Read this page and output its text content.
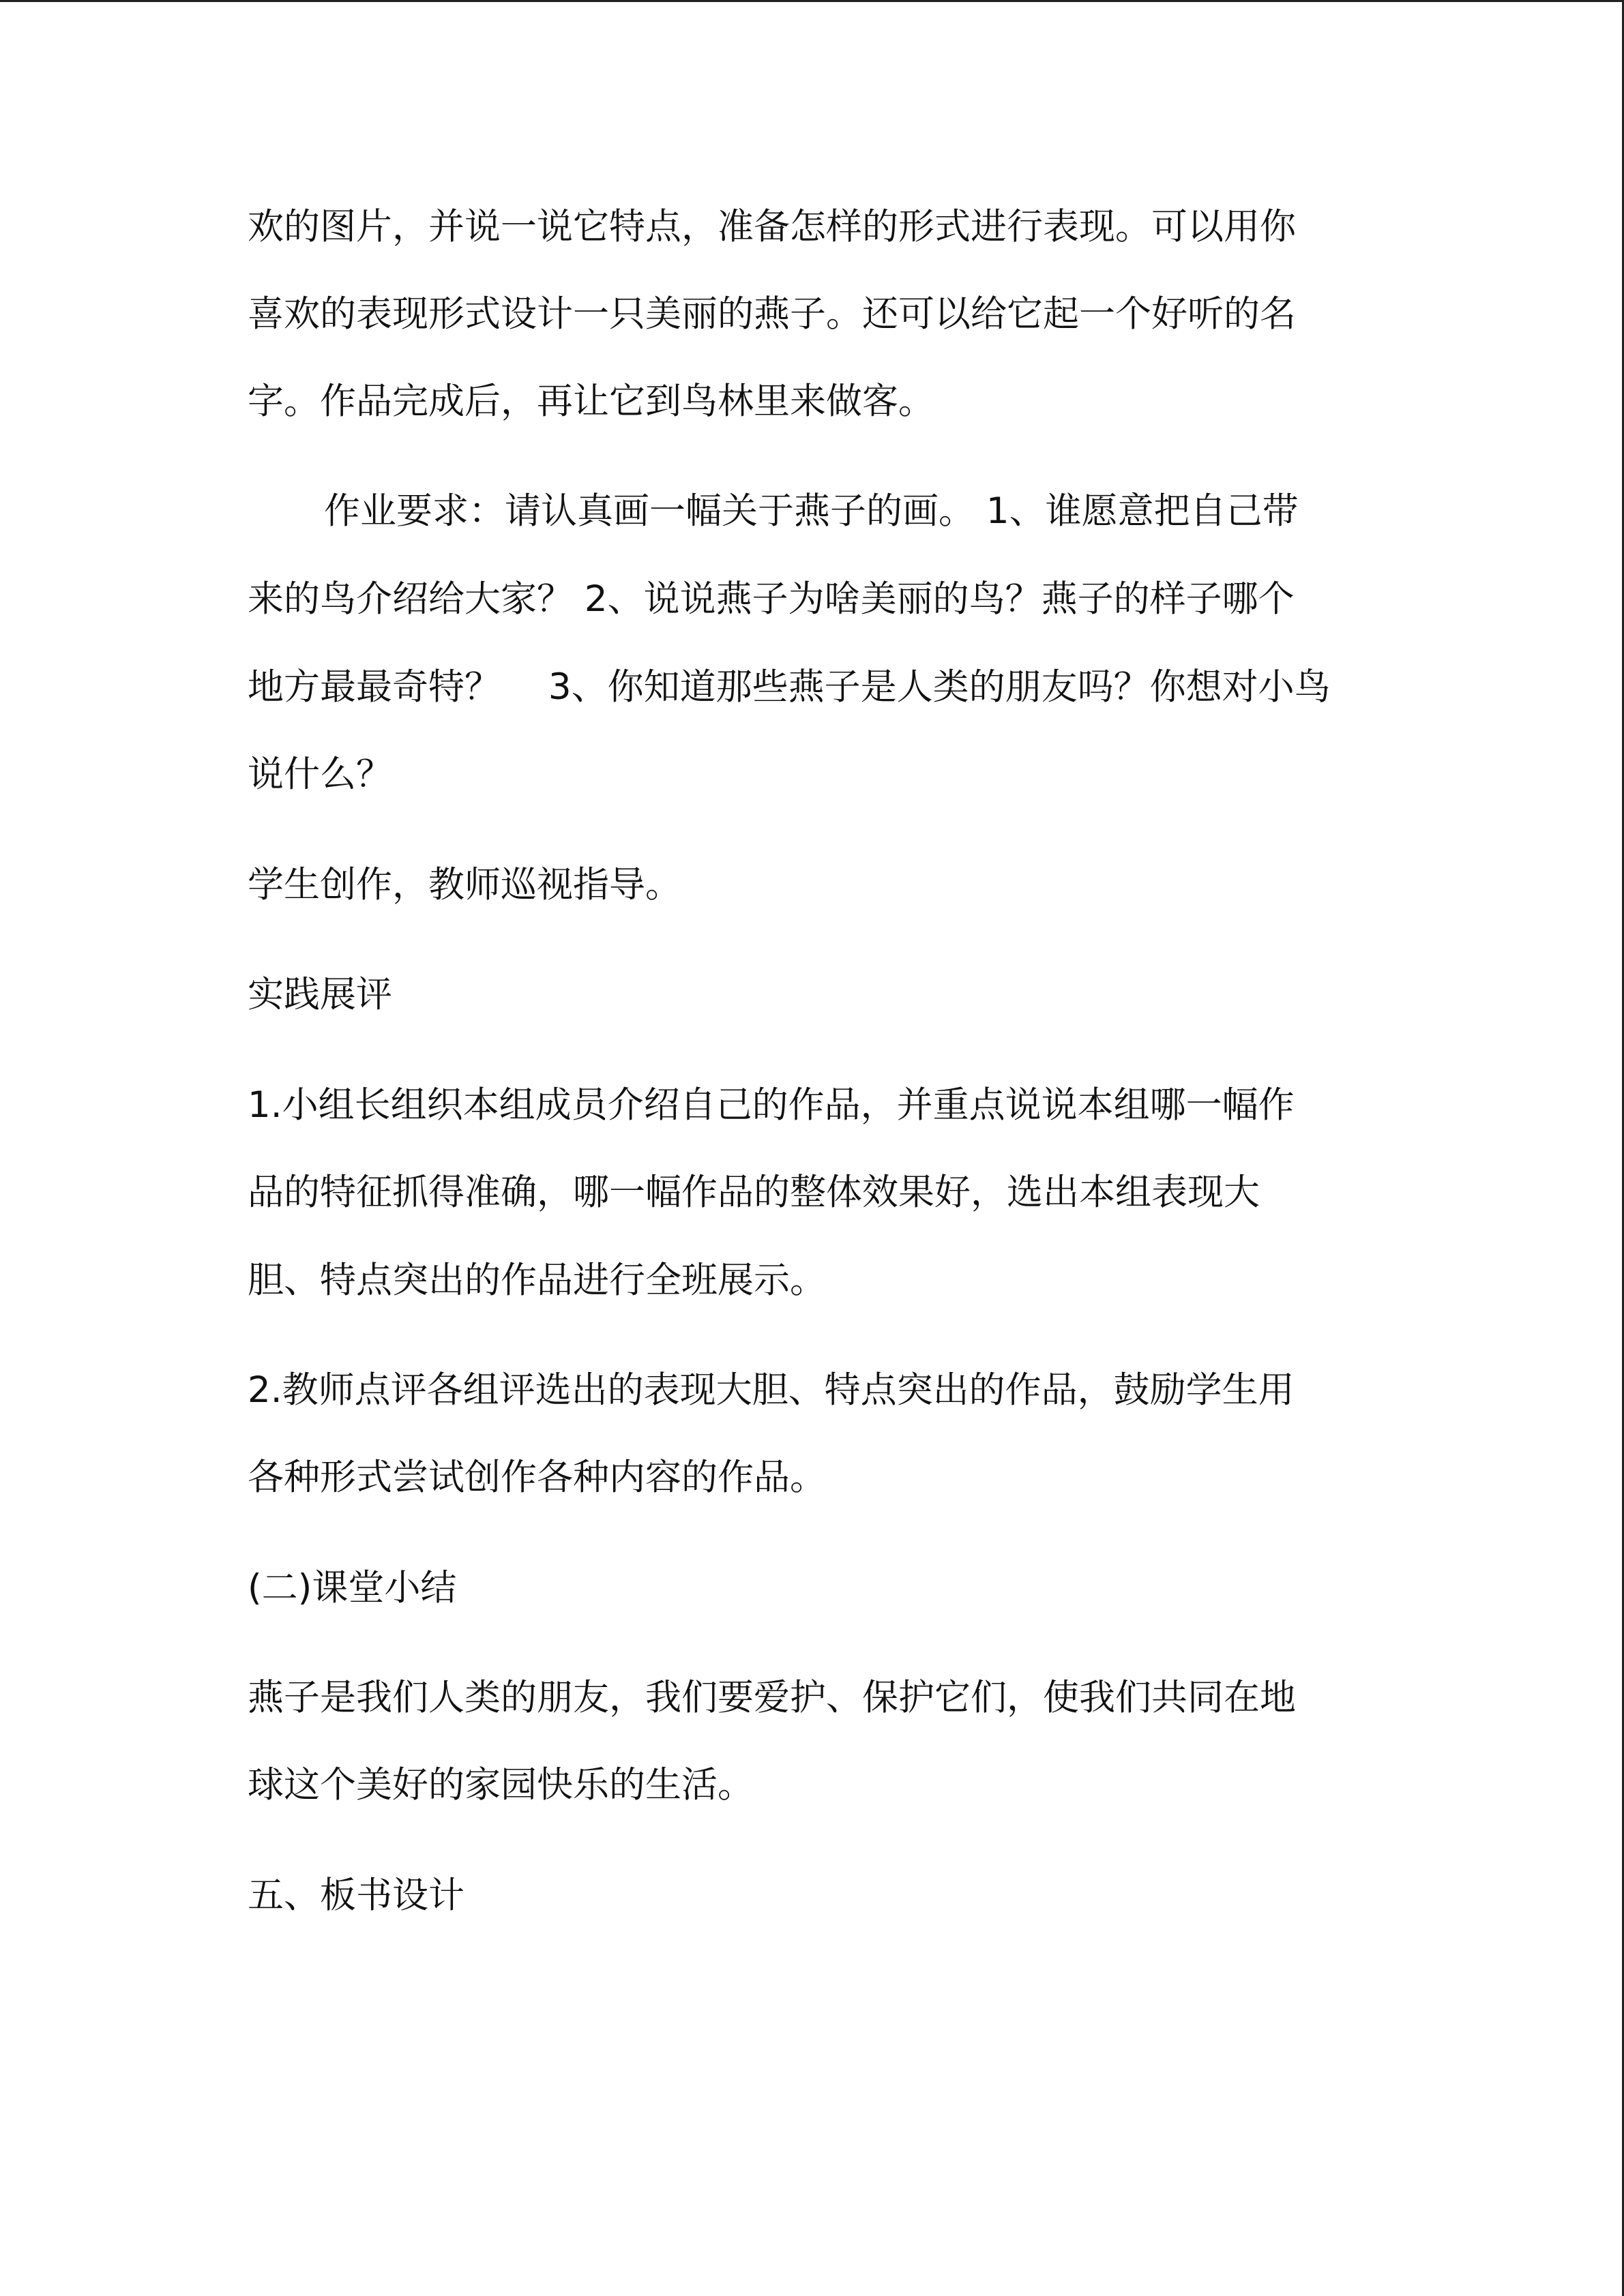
欢的图片，并说一说它特点，准备怎样的形式进行表现。可以用你
喜欢的表现形式设计一只美丽的燕子。还可以给它起一个好听的名
字。作品完成后，再让它到鸟林里来做客。
作业要求：请认真画一幅关于燕子的画。 1、谁愿意把自己带
来的鸟介绍给大家？ 2、说说燕子为啥美丽的鸟？燕子的样子哪个
地方最最奇特？　 3、你知道那些燕子是人类的朋友吗？你想对小鸟
说什么？
学生创作，教师巡视指导。
实践展评
1.小组长组织本组成员介绍自己的作品，并重点说说本组哪一幅作
品的特征抓得准确，哪一幅作品的整体效果好，选出本组表现大
胆、特点突出的作品进行全班展示。
2.教师点评各组评选出的表现大胆、特点突出的作品，鼓励学生用
各种形式尝试创作各种内容的作品。
(二)课堂小结
燕子是我们人类的朋友，我们要爱护、保护它们，使我们共同在地
球这个美好的家园快乐的生活。
五、板书设计
